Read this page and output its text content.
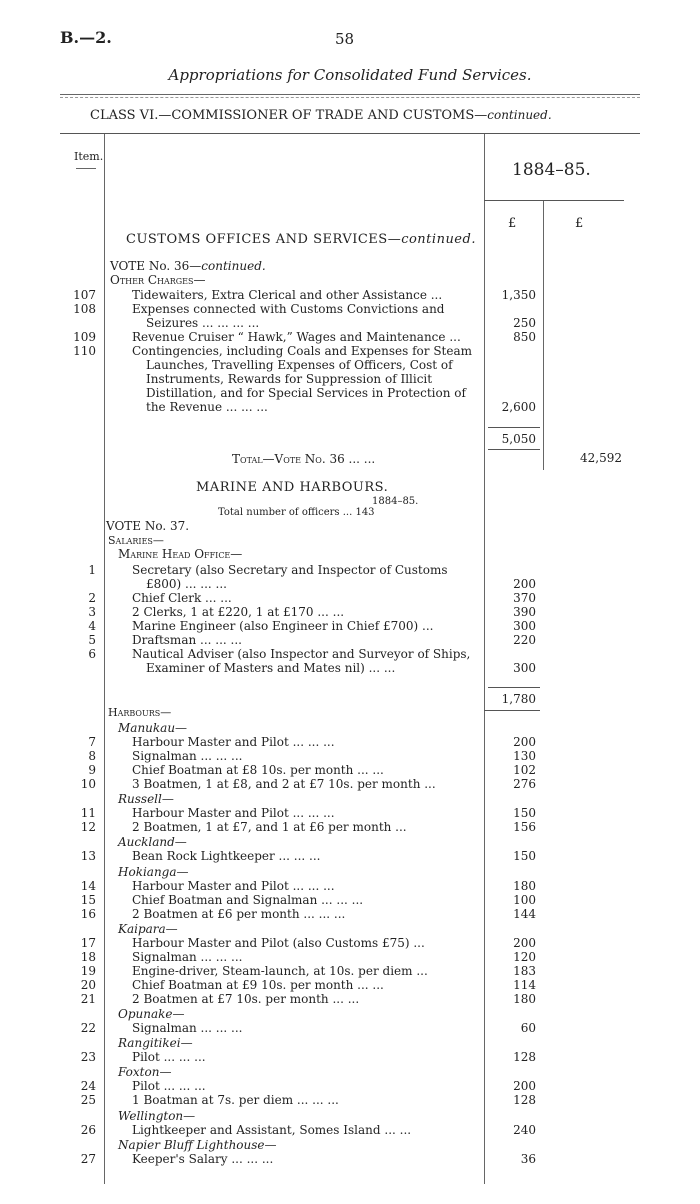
B.—2.	58
Appropriations for Consolidated Fund Services.
CLASS VI.—COMMISSIONER OF TRADE AND CUSTOMS—continued.
Item.
1884–85.
£	£
CUSTOMS OFFICES AND SERVICES—continued.
VOTE No. 36—continued.
Other Charges—
107	Tidewaiters, Extra Clerical and other Assistance ...	1,350
108	Expenses connected with Customs Convictions and
Seizures ... ... ... ...	250
109	Revenue Cruiser “ Hawk,” Wages and Maintenance ...	850
110	Contingencies, including Coals and Expenses for Steam
Launches, Travelling Expenses of Officers, Cost of
Instruments, Rewards for Suppression of Illicit
Distillation, and for Special Services in Protection of
the Revenue ... ... ...	2,600
5,050
Total—Vote No. 36 ... ...	42,592
MARINE AND HARBOURS.
1884–85.
Total number of officers ... 143
VOTE No. 37.
Salaries—
Marine Head Office—
1	Secretary (also Secretary and Inspector of Customs
£800) ... ... ...	200
2	Chief Clerk ... ...	370
3	2 Clerks, 1 at £220, 1 at £170 ... ...	390
4	Marine Engineer (also Engineer in Chief £700) ...	300
5	Draftsman ... ... ...	220
6	Nautical Adviser (also Inspector and Surveyor of Ships,
Examiner of Masters and Mates nil) ... ...	300
1,780
Harbours—
Manukau—
7	Harbour Master and Pilot ... ... ...	200
8	Signalman ... ... ...	130
9	Chief Boatman at £8 10s. per month ... ...	102
10	3 Boatmen, 1 at £8, and 2 at £7 10s. per month ...	276
Russell—
11	Harbour Master and Pilot ... ... ...	150
12	2 Boatmen, 1 at £7, and 1 at £6 per month ...	156
Auckland—
13	Bean Rock Lightkeeper ... ... ...	150
Hokianga—
14	Harbour Master and Pilot ... ... ...	180
15	Chief Boatman and Signalman ... ... ...	100
16	2 Boatmen at £6 per month ... ... ...	144
Kaipara—
17	Harbour Master and Pilot (also Customs £75) ...	200
18	Signalman ... ... ...	120
19	Engine-driver, Steam-launch, at 10s. per diem ...	183
20	Chief Boatman at £9 10s. per month ... ...	114
21	2 Boatmen at £7 10s. per month ... ...	180
Opunake—
22	Signalman ... ... ...	60
Rangitikei—
23	Pilot ... ... ...	128
Foxton—
24	Pilot ... ... ...	200
25	1 Boatman at 7s. per diem ... ... ...	128
Wellington—
26	Lightkeeper and Assistant, Somes Island ... ...	240
Napier Bluff Lighthouse—
27	Keeper's Salary ... ... ...	36
